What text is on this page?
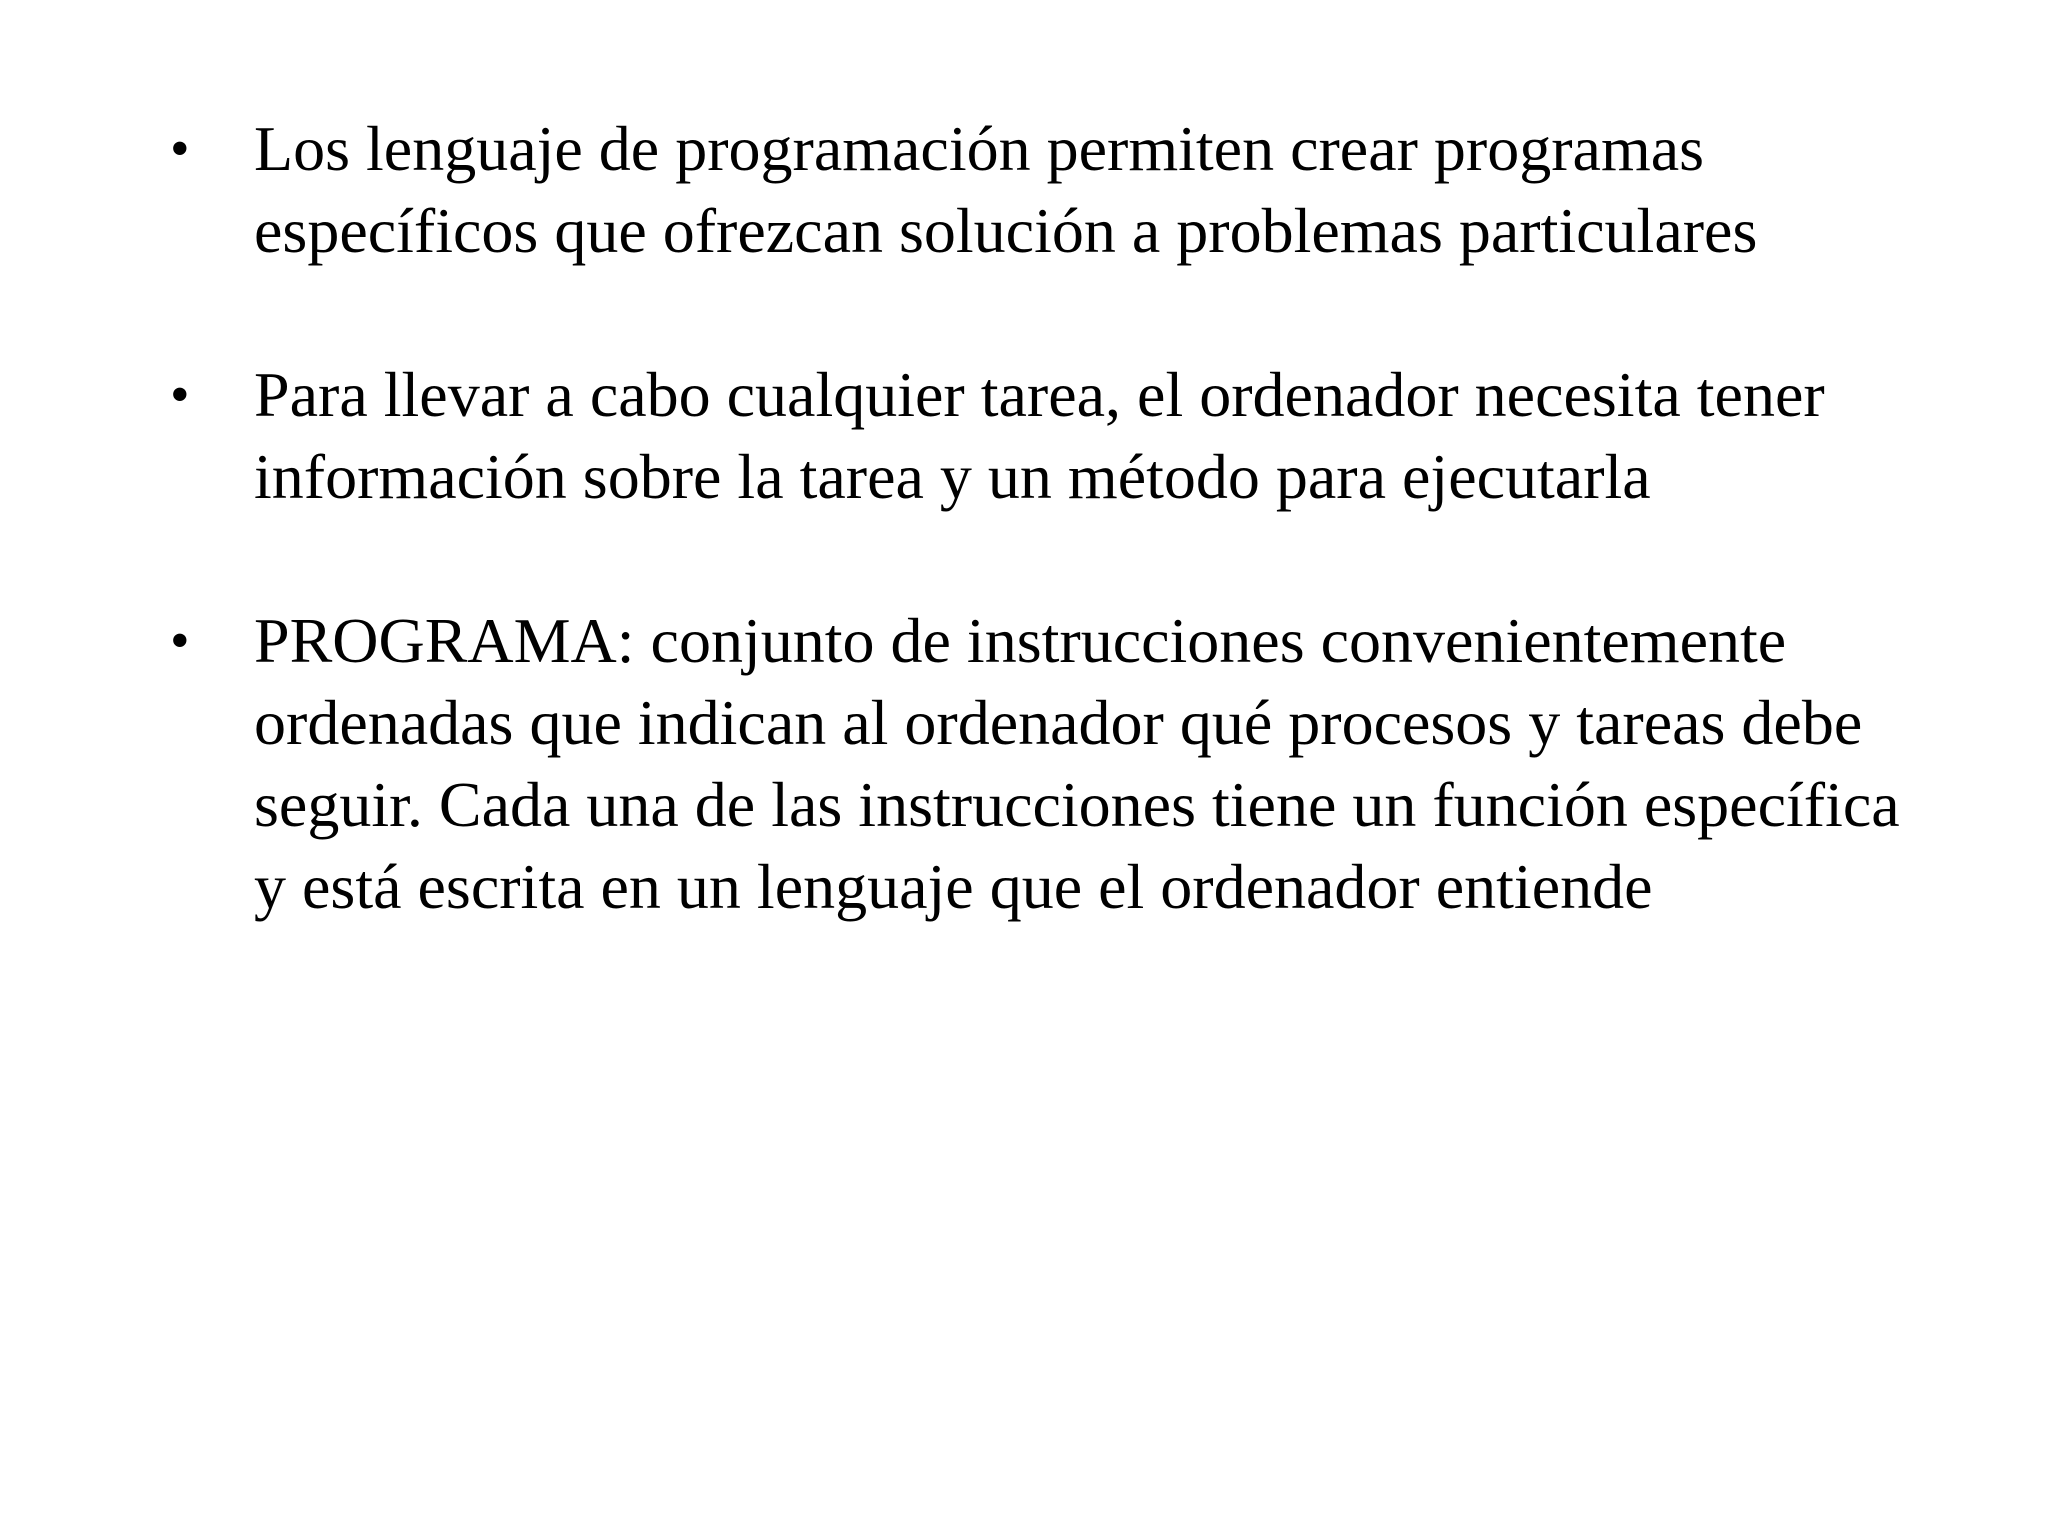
•	Los lenguaje de programación permiten crear programas específicos que ofrezcan solución a problemas particulares
•	Para llevar a cabo cualquier tarea, el ordenador necesita tener información sobre la tarea y un método para ejecutarla
•	PROGRAMA: conjunto de instrucciones convenientemente ordenadas que indican al ordenador qué procesos y tareas debe seguir. Cada una de las instrucciones tiene un función específica y está escrita en un lenguaje que el ordenador entiende
